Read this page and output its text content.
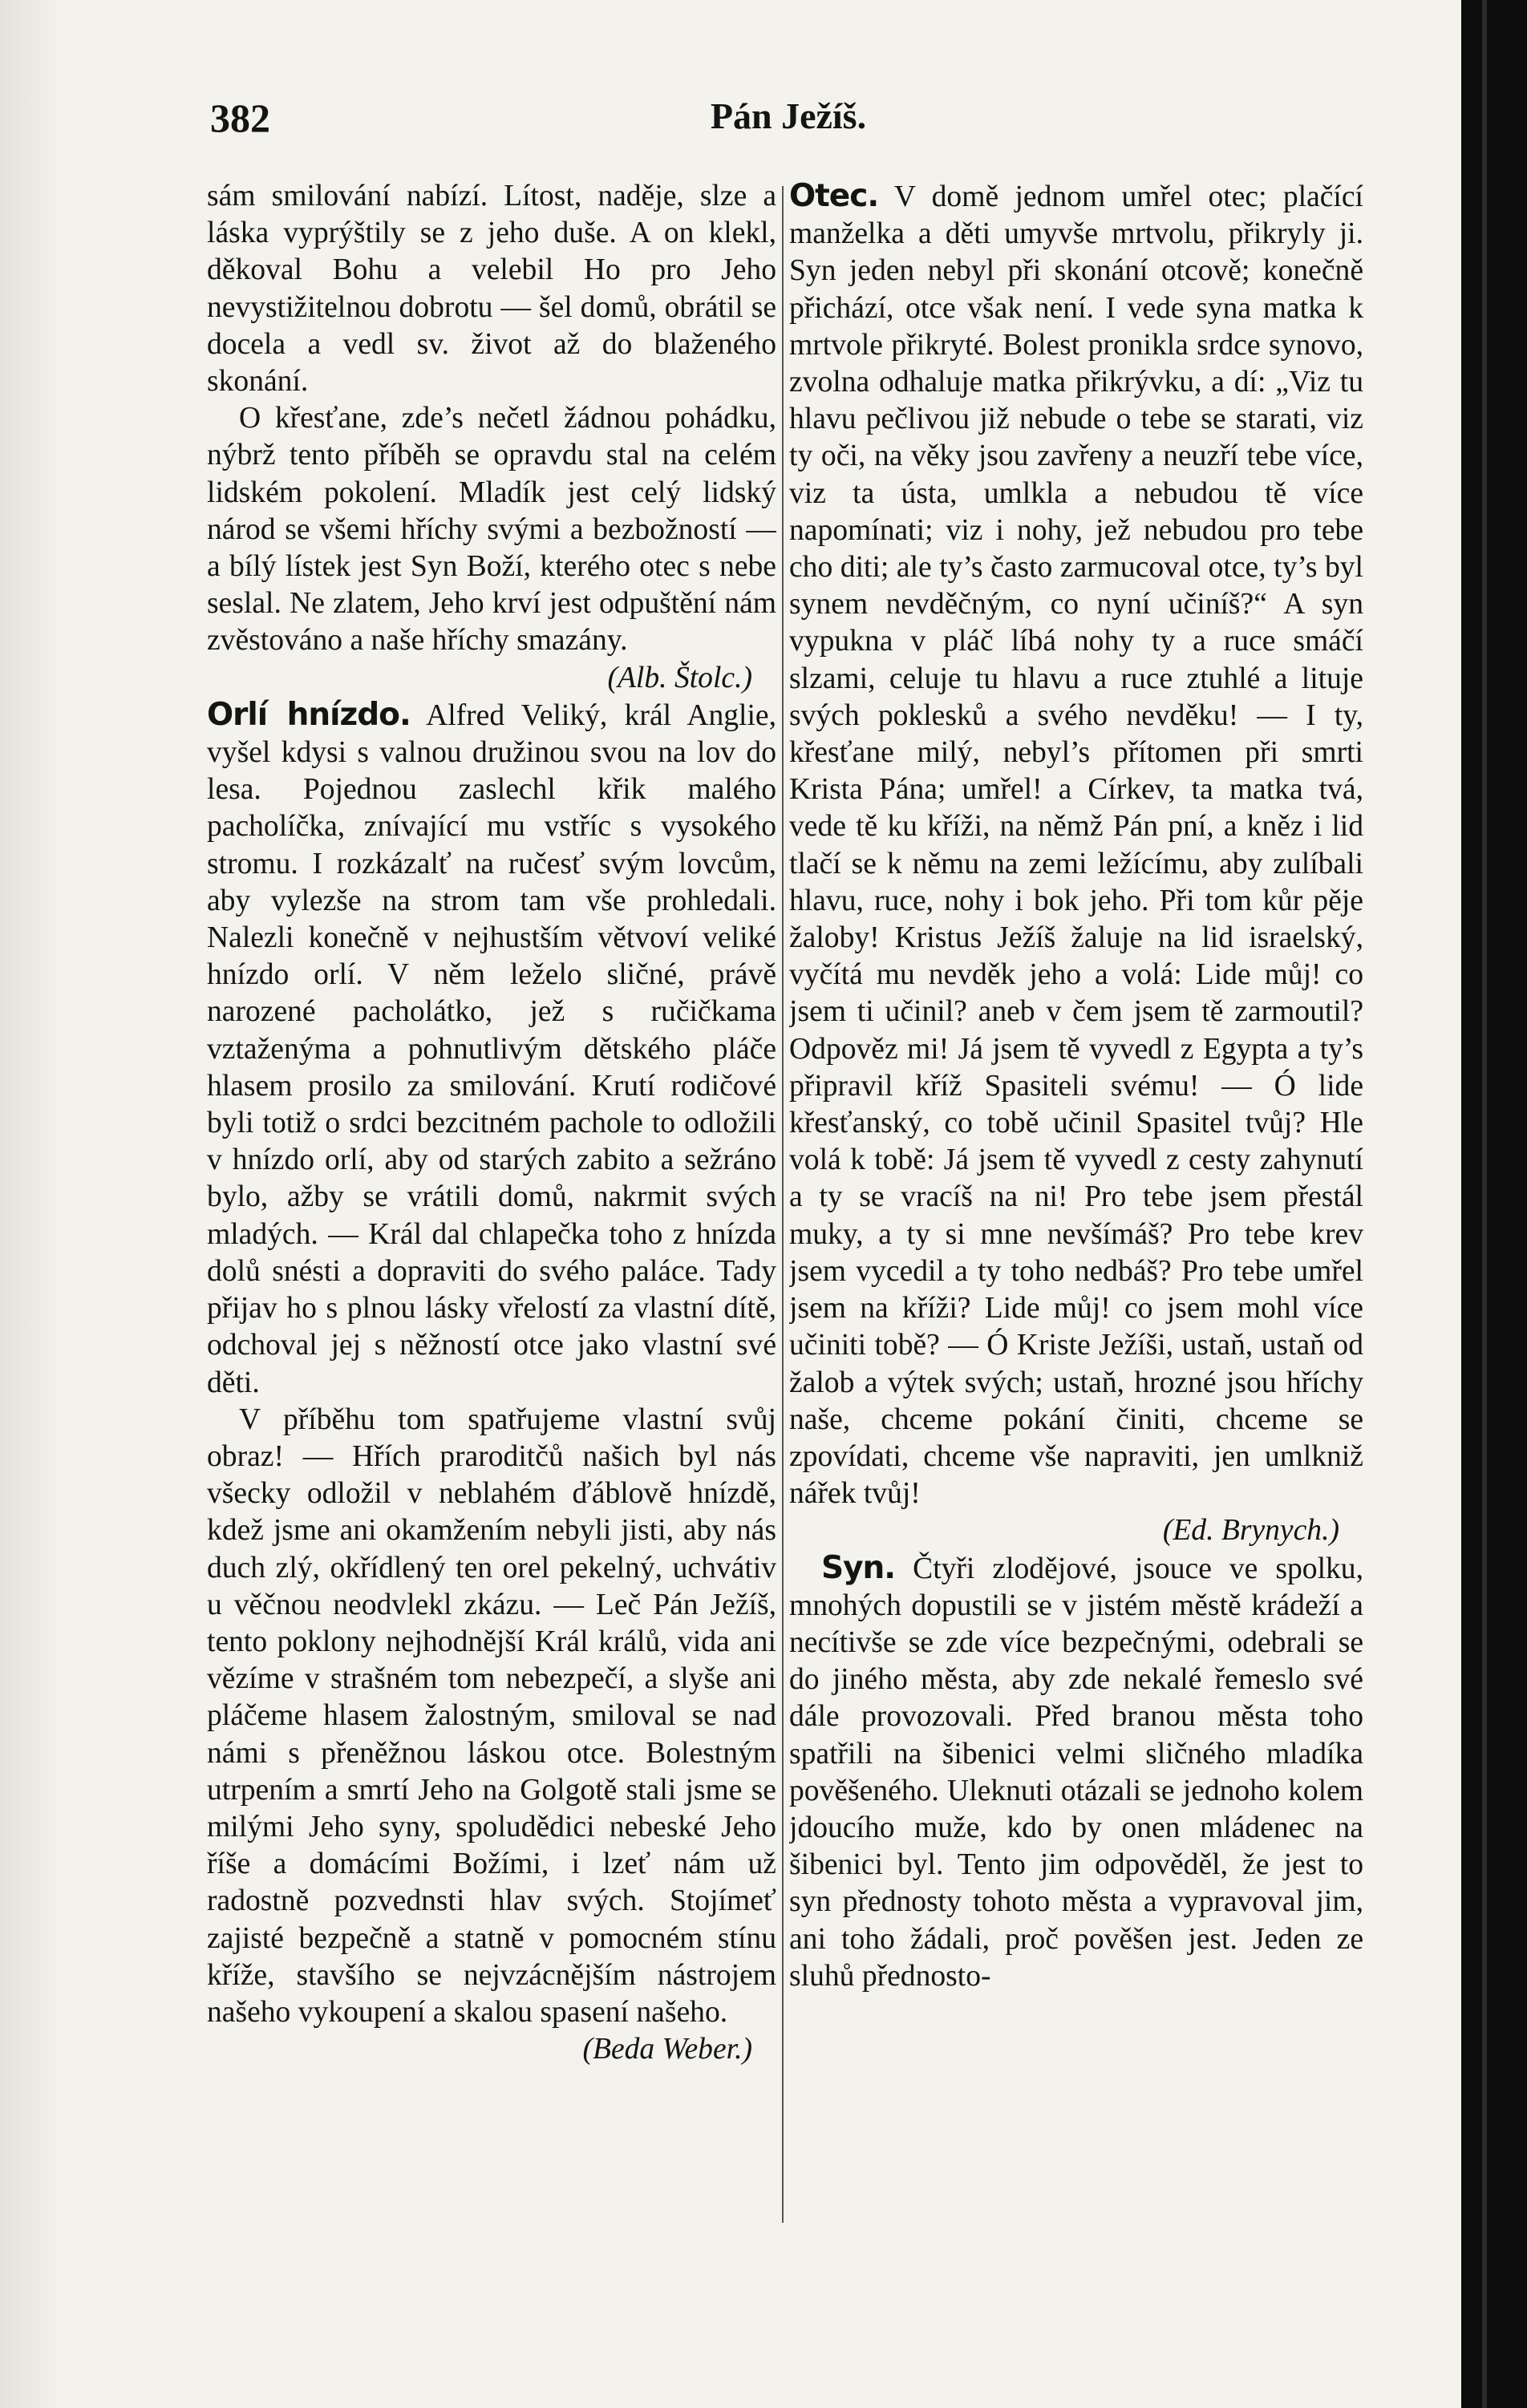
382	Pán Ježíš.

sám smilování nabízí. Lítost, naděje, slze a láska vyprýštily se z jeho duše. A on klekl, děkoval Bohu a velebil Ho pro Jeho nevystižitelnou dobrotu — šel domů, obrátil se docela a vedl sv. život až do blaženého skonání.

O křesťane, zde’s nečetl žádnou pohádku, nýbrž tento příběh se opravdu stal na celém lidském pokolení. Mladík jest celý lidský národ se všemi hříchy svými a bezbožností — a bílý lístek jest Syn Boží, kterého otec s nebe seslal. Ne zlatem, Jeho krví jest odpuštění nám zvěstováno a naše hříchy smazány.
(Alb. Štolc.)

Orlí hnízdo. Alfred Veliký, král Anglie, vyšel kdysi s valnou družinou svou na lov do lesa. Pojednou zaslechl křik malého pacholíčka, znívající mu vstříc s vysokého stromu. I rozkázalť na ručesť svým lovcům, aby vylezše na strom tam vše prohledali. Nalezli konečně v nejhustším větvoví veliké hnízdo orlí. V něm leželo sličné, právě narozené pacholátko, jež s ručičkama vztaženýma a pohnutlivým dětského pláče hlasem prosilo za smilování. Krutí rodičové byli totiž o srdci bezcitném pachole to odložili v hnízdo orlí, aby od starých zabito a sežráno bylo, ažby se vrátili domů, nakrmit svých mladých. — Král dal chlapečka toho z hnízda dolů snésti a dopraviti do svého paláce. Tady přijav ho s plnou lásky vřelostí za vlastní dítě, odchoval jej s něžností otce jako vlastní své děti.

V příběhu tom spatřujeme vlastní svůj obraz! — Hřích praroditčů našich byl nás všecky odložil v neblahém ďáblově hnízdě, kdež jsme ani okamžením nebyli jisti, aby nás duch zlý, okřídlený ten orel pekelný, uchvátiv u věčnou neodvlekl zkázu. — Leč Pán Ježíš, tento poklony nejhodnější Král králů, vida ani vězíme v strašném tom nebezpečí, a slyše ani pláčeme hlasem žalostným, smiloval se nad námi s přeněžnou láskou otce. Bolestným utrpením a smrtí Jeho na Golgotě stali jsme se milými Jeho syny, spoludědici nebeské Jeho říše a domácími Božími, i lzeť nám už radostně pozvednsti hlav svých. Stojímeť zajisté bezpečně a statně v pomocném stínu kříže, stavšího se nejvzácnějším nástrojem našeho vykoupení a skalou spasení našeho.
(Beda Weber.)

Otec. V domě jednom umřel otec; plačící manželka a děti umyvše mrtvolu, přikryly ji. Syn jeden nebyl při skonání otcově; konečně přichází, otce však není. I vede syna matka k mrtvole přikryté. Bolest pronikla srdce synovo, zvolna odhaluje matka přikrývku, a dí: „Viz tu hlavu pečlivou již nebude o tebe se starati, viz ty oči, na věky jsou zavřeny a neuzří tebe více, viz ta ústa, umlkla a nebudou tě více napomínati; viz i nohy, jež nebudou pro tebe cho diti; ale ty’s často zarmucoval otce, ty’s byl synem nevděčným, co nyní učiníš?“ A syn vypukna v pláč líbá nohy ty a ruce smáčí slzami, celuje tu hlavu a ruce ztuhlé a lituje svých poklesků a svého nevděku! — I ty, křesťane milý, nebyl’s přítomen při smrti Krista Pána; umřel! a Církev, ta matka tvá, vede tě ku kříži, na němž Pán pní, a kněz i lid tlačí se k němu na zemi ležícímu, aby zulíbali hlavu, ruce, nohy i bok jeho. Při tom kůr pěje žaloby! Kristus Ježíš žaluje na lid israelský, vyčítá mu nevděk jeho a volá: Lide můj! co jsem ti učinil? aneb v čem jsem tě zarmoutil? Odpověz mi! Já jsem tě vyvedl z Egypta a ty’s připravil kříž Spasiteli svému! — Ó lide křesťanský, co tobě učinil Spasitel tvůj? Hle volá k tobě: Já jsem tě vyvedl z cesty zahynutí a ty se vracíš na ni! Pro tebe jsem přestál muky, a ty si mne nevšímáš? Pro tebe krev jsem vycedil a ty toho nedbáš? Pro tebe umřel jsem na kříži? Lide můj! co jsem mohl více učiniti tobě? — Ó Kriste Ježíši, ustaň, ustaň od žalob a výtek svých; ustaň, hrozné jsou hříchy naše, chceme pokání činiti, chceme se zpovídati, chceme vše napraviti, jen umlkniž nářek tvůj!
(Ed. Brynych.)

Syn. Čtyři zlodějové, jsouce ve spolku, mnohých dopustili se v jistém městě krádeží a necítivše se zde více bezpečnými, odebrali se do jiného města, aby zde nekalé řemeslo své dále provozovali. Před branou města toho spatřili na šibenici velmi sličného mladíka pověšeného. Uleknuti otázali se jednoho kolem jdoucího muže, kdo by onen mládenec na šibenici byl. Tento jim odpověděl, že jest to syn přednosty tohoto města a vypravoval jim, ani toho žádali, proč pověšen jest. Jeden ze sluhů přednosto-
